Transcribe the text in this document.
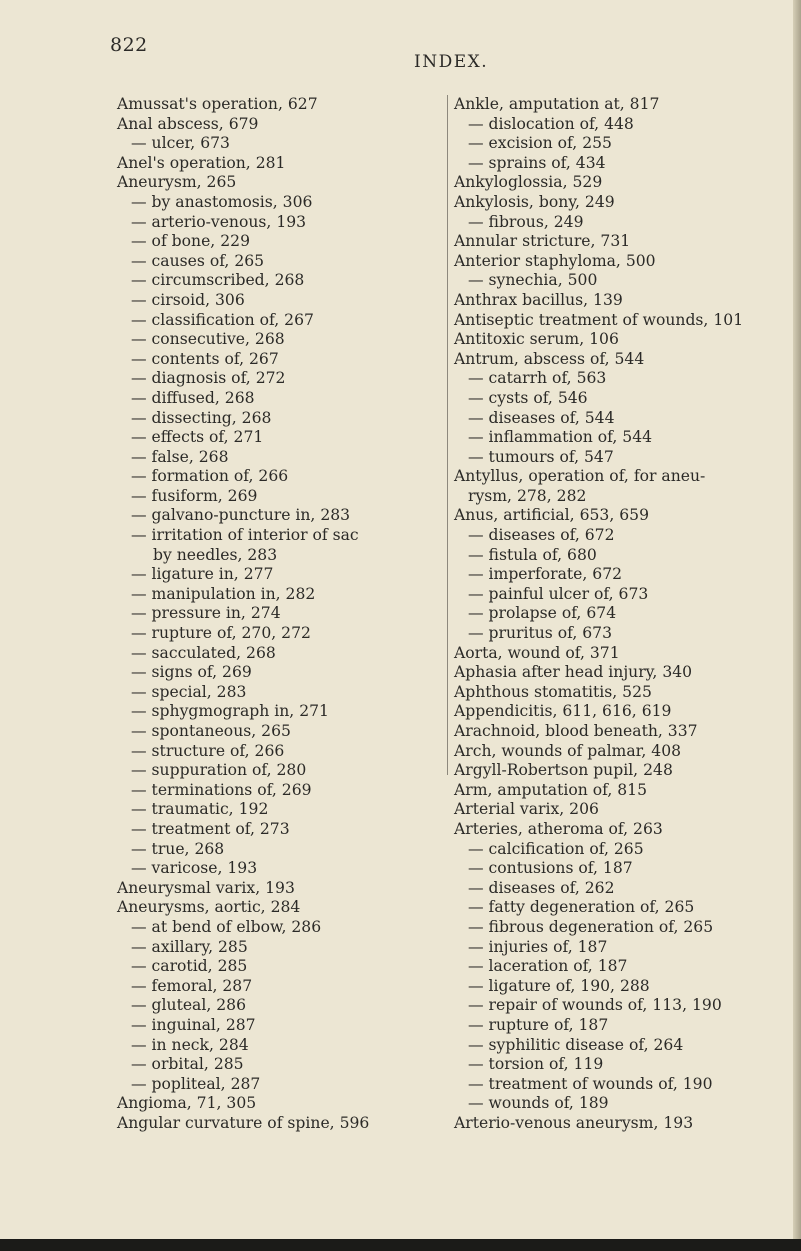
822
INDEX.
Amussat's operation, 627
Anal abscess, 679
— ulcer, 673
Anel's operation, 281
Aneurysm, 265
— by anastomosis, 306
— arterio-venous, 193
— of bone, 229
— causes of, 265
— circumscribed, 268
— cirsoid, 306
— classification of, 267
— consecutive, 268
— contents of, 267
— diagnosis of, 272
— diffused, 268
— dissecting, 268
— effects of, 271
— false, 268
— formation of, 266
— fusiform, 269
— galvano-puncture in, 283
— irritation of interior of sac
by needles, 283
— ligature in, 277
— manipulation in, 282
— pressure in, 274
— rupture of, 270, 272
— sacculated, 268
— signs of, 269
— special, 283
— sphygmograph in, 271
— spontaneous, 265
— structure of, 266
— suppuration of, 280
— terminations of, 269
— traumatic, 192
— treatment of, 273
— true, 268
— varicose, 193
Aneurysmal varix, 193
Aneurysms, aortic, 284
— at bend of elbow, 286
— axillary, 285
— carotid, 285
— femoral, 287
— gluteal, 286
— inguinal, 287
— in neck, 284
— orbital, 285
— popliteal, 287
Angioma, 71, 305
Angular curvature of spine, 596
Ankle, amputation at, 817
— dislocation of, 448
— excision of, 255
— sprains of, 434
Ankyloglossia, 529
Ankylosis, bony, 249
— fibrous, 249
Annular stricture, 731
Anterior staphyloma, 500
— synechia, 500
Anthrax bacillus, 139
Antiseptic treatment of wounds, 101
Antitoxic serum, 106
Antrum, abscess of, 544
— catarrh of, 563
— cysts of, 546
— diseases of, 544
— inflammation of, 544
— tumours of, 547
Antyllus, operation of, for aneu-
rysm, 278, 282
Anus, artificial, 653, 659
— diseases of, 672
— fistula of, 680
— imperforate, 672
— painful ulcer of, 673
— prolapse of, 674
— pruritus of, 673
Aorta, wound of, 371
Aphasia after head injury, 340
Aphthous stomatitis, 525
Appendicitis, 611, 616, 619
Arachnoid, blood beneath, 337
Arch, wounds of palmar, 408
Argyll-Robertson pupil, 248
Arm, amputation of, 815
Arterial varix, 206
Arteries, atheroma of, 263
— calcification of, 265
— contusions of, 187
— diseases of, 262
— fatty degeneration of, 265
— fibrous degeneration of, 265
— injuries of, 187
— laceration of, 187
— ligature of, 190, 288
— repair of wounds of, 113, 190
— rupture of, 187
— syphilitic disease of, 264
— torsion of, 119
— treatment of wounds of, 190
— wounds of, 189
Arterio-venous aneurysm, 193
